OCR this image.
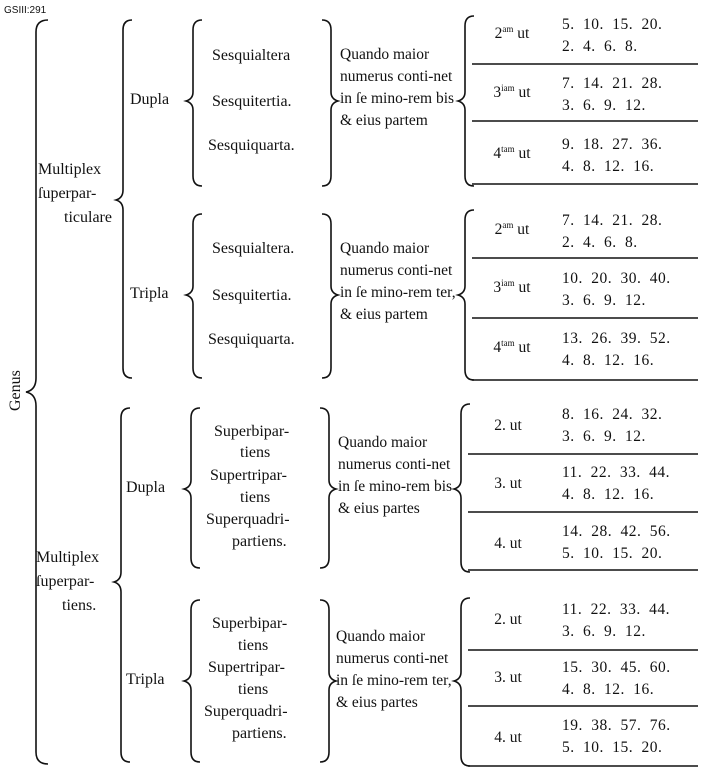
GSIII:291
Genus
Multiplex
ſuperpar-
ticulare
Multiplex
ſuperpar-
tiens.
Dupla
Tripla
Dupla
Tripla
Sesquialtera
Sesquitertia.
Sesquiquarta.
Sesquialtera.
Sesquitertia.
Sesquiquarta.
Superbipar-
tiens
Supertripar-
tiens
Superquadri-
partiens.
Superbipar-
tiens
Supertripar-
tiens
Superquadri-
partiens.
Quando maior numerus conti-net in ſe mino-rem bis & eius partem
Quando maior numerus conti-net in ſe mino-rem ter, & eius partem
Quando maior numerus conti-net in ſe mino-rem bis & eius partes
Quando maior numerus conti-net in ſe mino-rem ter, & eius partes
$2^{am}$ ut
5. 10. 15. 20.
2. 4. 6. 8.
$3^{iam}$ ut
7. 14. 21. 28.
3. 6. 9. 12.
$4^{tam}$ ut
9. 18. 27. 36.
4. 8. 12. 16.
$2^{am}$ ut
7. 14. 21. 28.
2. 4. 6. 8.
$3^{iam}$ ut
10. 20. 30. 40.
3. 6. 9. 12.
$4^{tam}$ ut
13. 26. 39. 52.
4. 8. 12. 16.
2. ut
8. 16. 24. 32.
3. 6. 9. 12.
3. ut
11. 22. 33. 44.
4. 8. 12. 16.
4. ut
14. 28. 42. 56.
5. 10. 15. 20.
2. ut
11. 22. 33. 44.
3. 6. 9. 12.
3. ut
15. 30. 45. 60.
4. 8. 12. 16.
4. ut
19. 38. 57. 76.
5. 10. 15. 20.
